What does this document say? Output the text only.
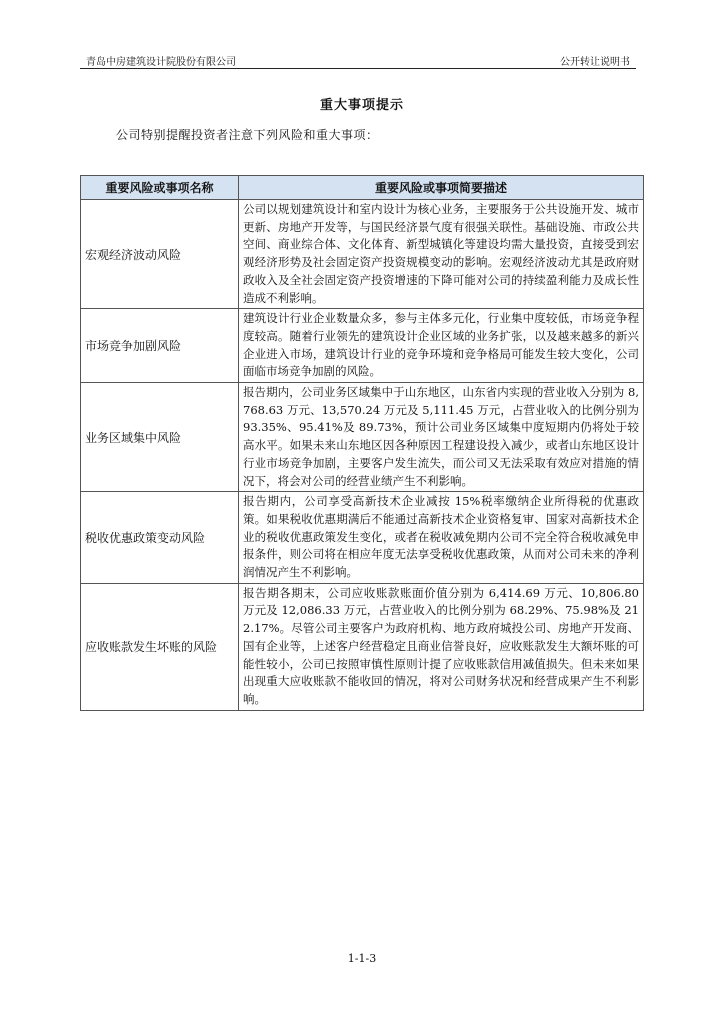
青岛中房建筑设计院股份有限公司	公开转让说明书
重大事项提示
公司特别提醒投资者注意下列风险和重大事项：
重要风险或事项名称	重要风险或事项简要描述
宏观经济波动风险	公司以规划建筑设计和室内设计为核心业务，主要服务于公共设施开发、城市更新、房地产开发等，与国民经济景气度有很强关联性。基础设施、市政公共空间、商业综合体、文化体育、新型城镇化等建设均需大量投资，直接受到宏观经济形势及社会固定资产投资规模变动的影响。宏观经济波动尤其是政府财政收入及全社会固定资产投资增速的下降可能对公司的持续盈利能力及成长性造成不利影响。
市场竞争加剧风险	建筑设计行业企业数量众多，参与主体多元化，行业集中度较低，市场竞争程度较高。随着行业领先的建筑设计企业区域的业务扩张，以及越来越多的新兴企业进入市场，建筑设计行业的竞争环境和竞争格局可能发生较大变化，公司面临市场竞争加剧的风险。
业务区域集中风险	报告期内，公司业务区域集中于山东地区，山东省内实现的营业收入分别为 8,768.63 万元、13,570.24 万元及 5,111.45 万元，占营业收入的比例分别为 93.35%、95.41%及 89.73%，预计公司业务区域集中度短期内仍将处于较高水平。如果未来山东地区因各种原因工程建设投入减少，或者山东地区设计行业市场竞争加剧，主要客户发生流失，而公司又无法采取有效应对措施的情况下，将会对公司的经营业绩产生不利影响。
税收优惠政策变动风险	报告期内，公司享受高新技术企业减按 15%税率缴纳企业所得税的优惠政策。如果税收优惠期满后不能通过高新技术企业资格复审、国家对高新技术企业的税收优惠政策发生变化，或者在税收减免期内公司不完全符合税收减免申报条件，则公司将在相应年度无法享受税收优惠政策，从而对公司未来的净利润情况产生不利影响。
应收账款发生坏账的风险	报告期各期末，公司应收账款账面价值分别为 6,414.69 万元、10,806.80 万元及 12,086.33 万元，占营业收入的比例分别为 68.29%、75.98%及 212.17%。尽管公司主要客户为政府机构、地方政府城投公司、房地产开发商、国有企业等，上述客户经营稳定且商业信誉良好，应收账款发生大额坏账的可能性较小，公司已按照审慎性原则计提了应收账款信用减值损失。但未来如果出现重大应收账款不能收回的情况，将对公司财务状况和经营成果产生不利影响。
1-1-3
